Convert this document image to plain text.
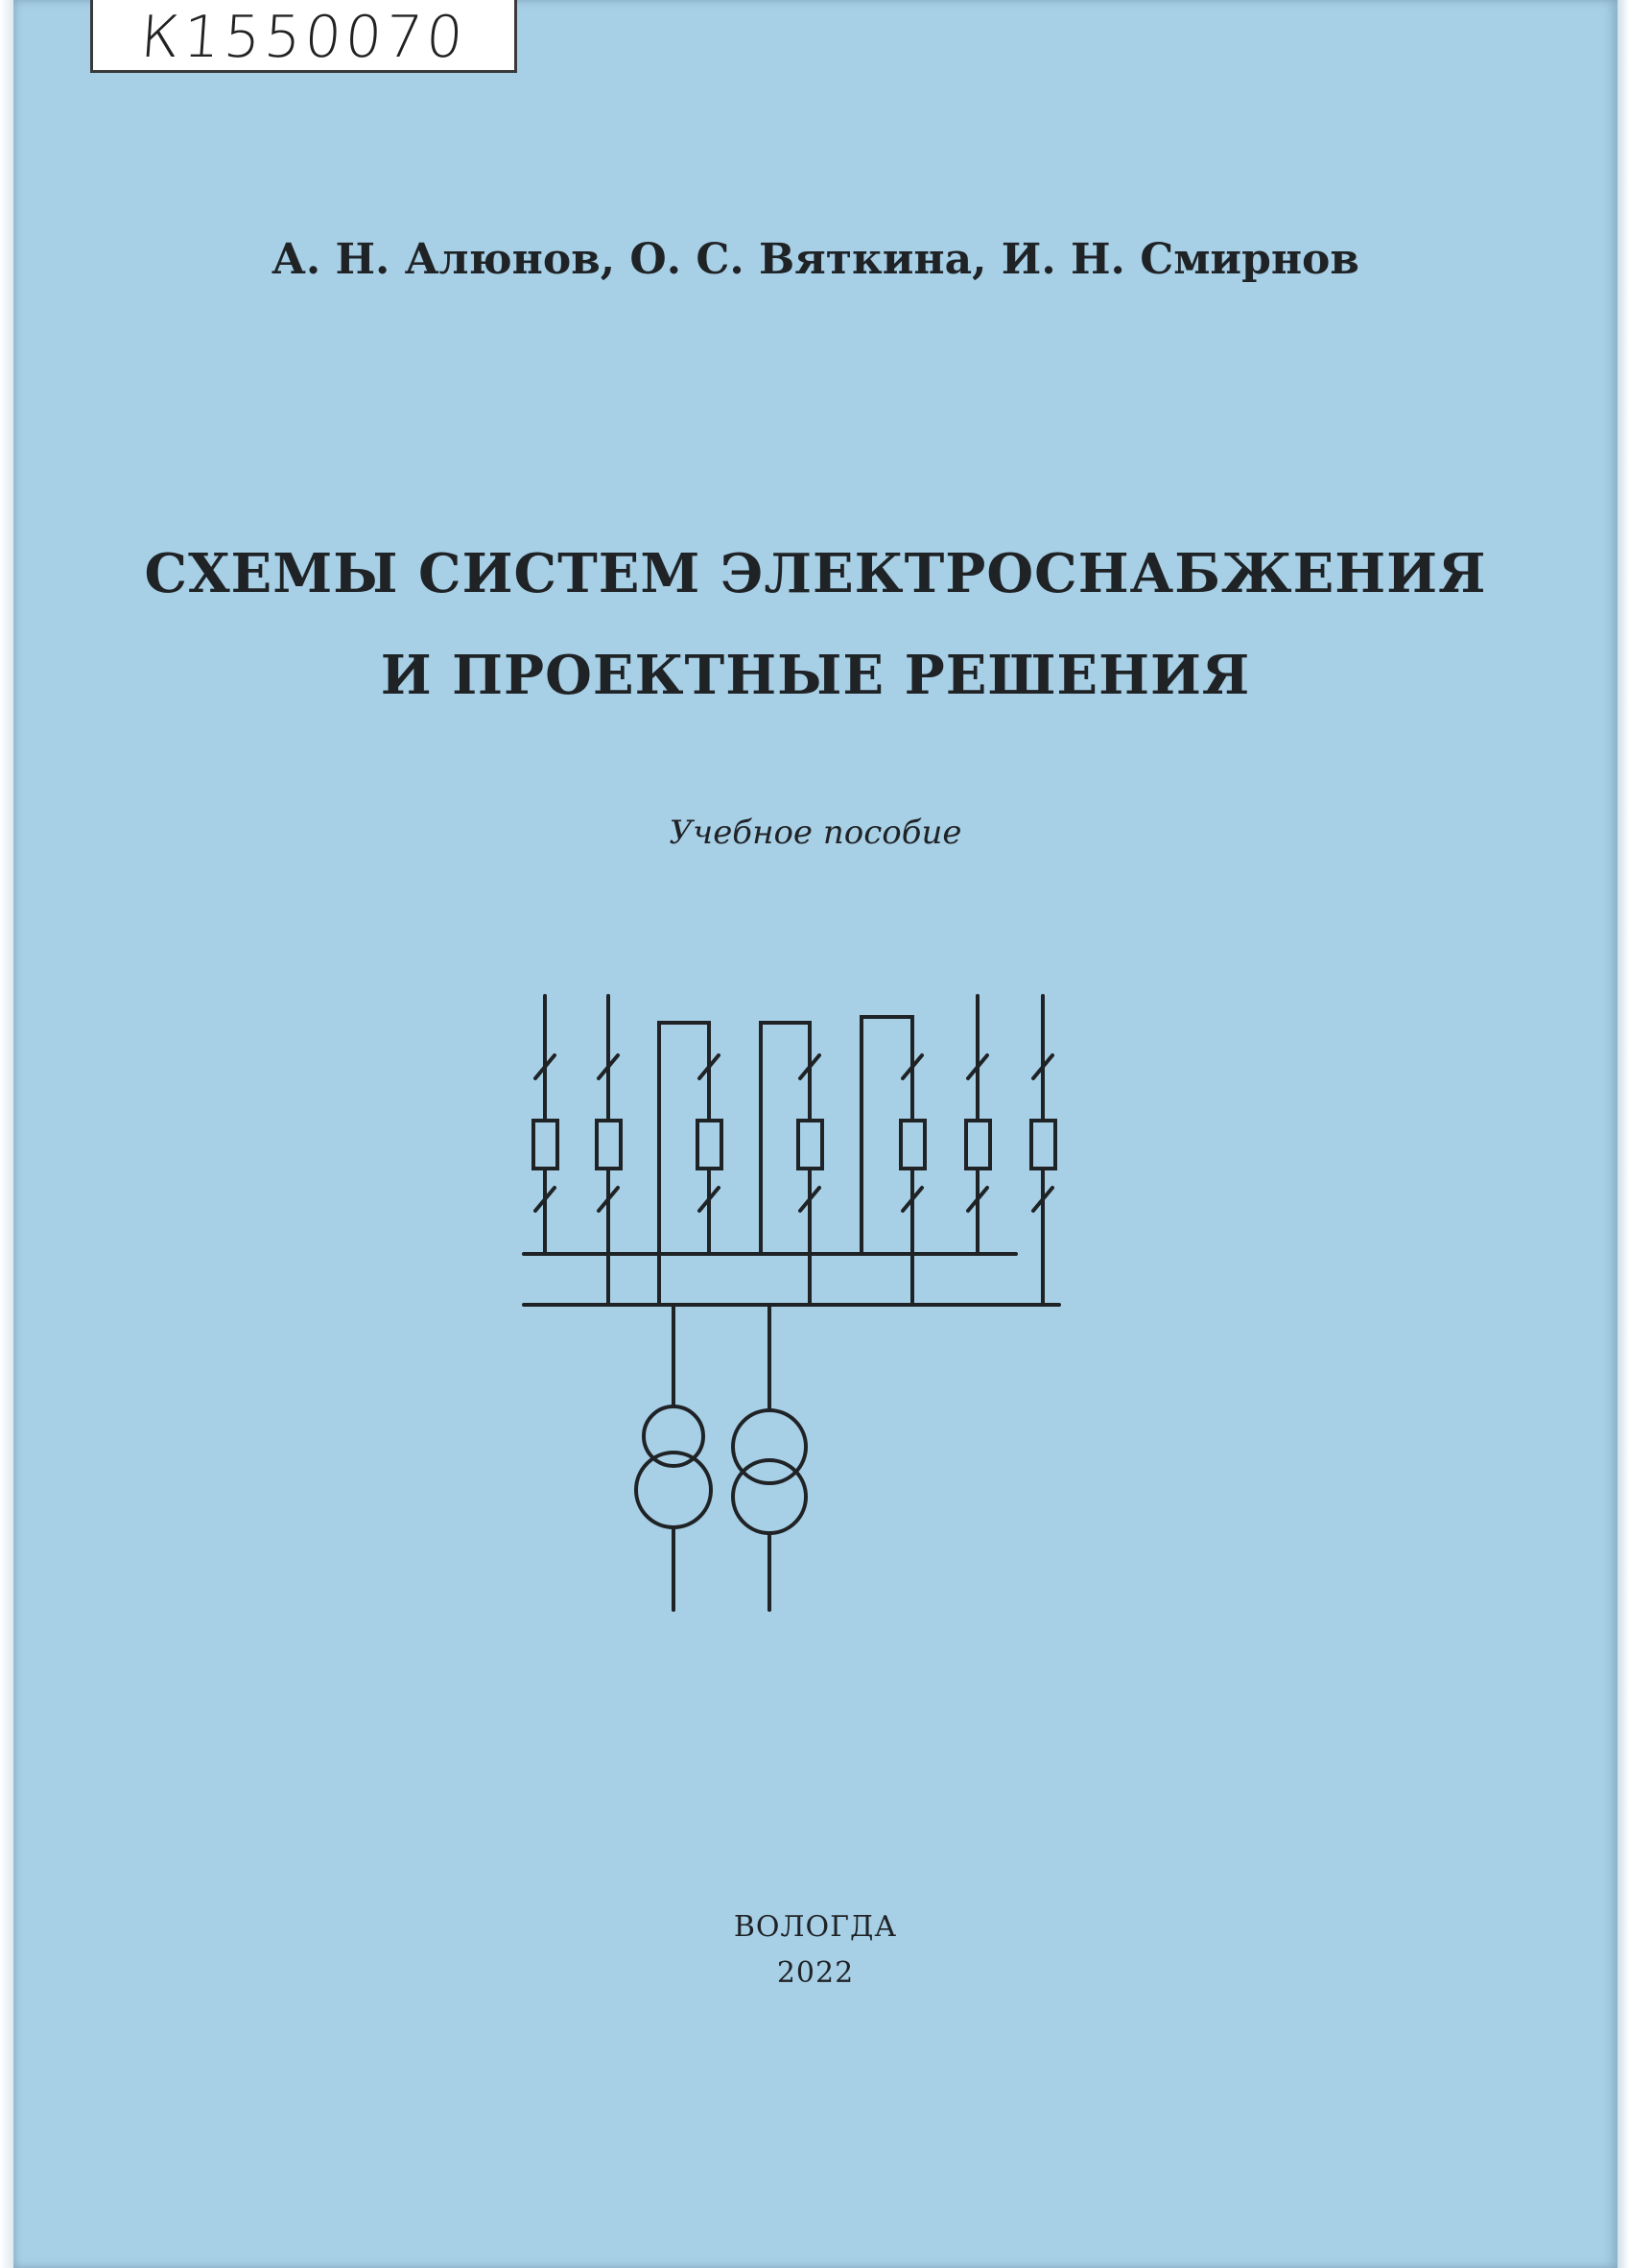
К1550070
А. Н. Алюнов, О. С. Вяткина, И. Н. Смирнов
СХЕМЫ СИСТЕМ ЭЛЕКТРОСНАБЖЕНИЯ
И ПРОЕКТНЫЕ РЕШЕНИЯ
Учебное пособие
ВОЛОГДА
2022
